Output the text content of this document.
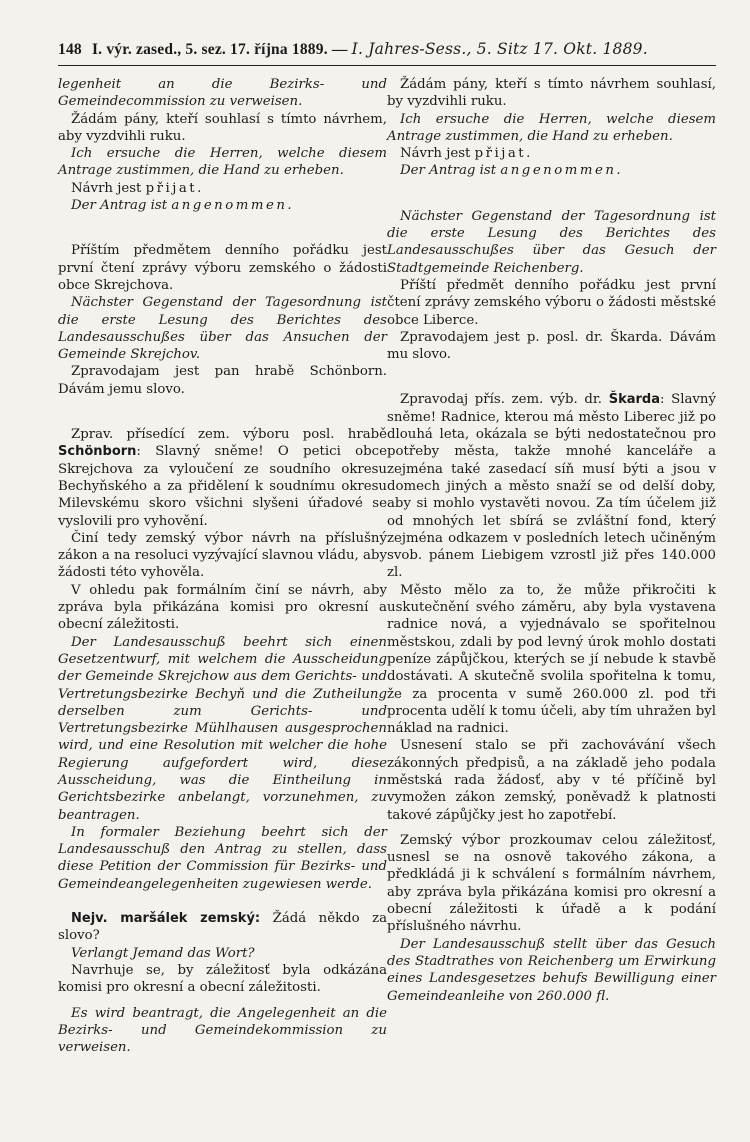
148 I. výr. zased., 5. sez. 17. října 1889. — I. Jahres-Sess., 5. Sitz 17. Okt. 1889.

legenheit an die Bezirks- und Gemeindecommission zu verweisen.

Žádám pány, kteří souhlasí s tímto návrhem, aby vyzdvihli ruku.

Ich ersuche die Herren, welche diesem Antrage zustimmen, die Hand zu erheben.

Návrh jest přijat.

Der Antrag ist angenommen.

Příštím předmětem denního pořádku jest první čtení zprávy výboru zemského o žádosti obce Skrejchova.

Nächster Gegenstand der Tagesordnung ist die erste Lesung des Berichtes des Landesausschußes über das Ansuchen der Gemeinde Skrejchov.

Zpravodajam jest pan hrabě Schönborn. Dávám jemu slovo.

Zprav. přísedící zem. výboru posl. hrabě Schönborn: Slavný sněme! O petici obce Skrejchova za vyloučení ze soudního okresu Bechyňského a za přidělení k soudnímu okresu Milevskému skoro všichni slyšeni úřadové se vyslovili pro vyhovění.

Činí tedy zemský výbor návrh na příslušný zákon a na resoluci vyzývající slavnou vládu, aby žádosti této vyhověla.

V ohledu pak formálním činí se návrh, aby zpráva byla přikázána komisi pro okresní a obecní záležitosti.

Der Landesausschuß beehrt sich einen Gesetzentwurf, mit welchem die Ausscheidung der Gemeinde Skrejchow aus dem Gerichts- und Vertretungsbezirke Bechyň und die Zutheilung derselben zum Gerichts- und Vertretungsbezirke Mühlhausen ausgesprochen wird, und eine Resolution mit welcher die hohe Regierung aufgefordert wird, diese Ausscheidung, was die Eintheilung in Gerichtsbezirke anbelangt, vorzunehmen, zu beantragen.

In formaler Beziehung beehrt sich der Landesausschuß den Antrag zu stellen, dass diese Petition der Commission für Bezirks- und Gemeindeangelegenheiten zugewiesen werde.

Nejv. maršálek zemský: Žádá někdo za slovo?

Verlangt Jemand das Wort?

Navrhuje se, by záležitosť byla odkázána komisi pro okresní a obecní záležitosti.

Es wird beantragt, die Angelegenheit an die Bezirks- und Gemeindekommission zu verweisen.

Žádám pány, kteří s tímto návrhem souhlasí, by vyzdvihli ruku.

Ich ersuche die Herren, welche diesem Antrage zustimmen, die Hand zu erheben.

Návrh jest přijat.

Der Antrag ist angenommen.

Nächster Gegenstand der Tagesordnung ist die erste Lesung des Berichtes des Landesausschußes über das Gesuch der Stadtgemeinde Reichenberg.

Příští předmět denního pořádku jest první čtení zprávy zemského výboru o žádosti městské obce Liberce.

Zpravodajem jest p. posl. dr. Škarda. Dávám mu slovo.

Zpravodaj přís. zem. výb. dr. Škarda: Slavný sněme! Radnice, kterou má město Liberec již po dlouhá leta, okázala se býti nedostatečnou pro potřeby města, takže mnohé kanceláře a zejména také zasedací síň musí býti a jsou v domech jiných a město snaží se od delší doby, aby si mohlo vystavěti novou. Za tím účelem již od mnohých let sbírá se zvláštní fond, který zejména odkazem v posledních letech učiněným svob. pánem Liebigem vzrostl již přes 140.000 zl.

Město mělo za to, že může přikročiti k uskutečnění svého záměru, aby byla vystavena radnice nová, a vyjednávalo se spořitelnou městskou, zdali by pod levný úrok mohlo dostati peníze zápůjčkou, kterých se jí nebude k stavbě dostávati. A skutečně svolila spořitelna k tomu, že za procenta v sumě 260.000 zl. pod tři procenta udělí k tomu účeli, aby tím uhražen byl náklad na radnici.

Usnesení stalo se při zachovávání všech zákonných předpisů, a na základě jeho podala městská rada žádosť, aby v té příčině byl vymožen zákon zemský, poněvadž k platnosti takové zápůjčky jest ho zapotřebí.

Zemský výbor prozkoumav celou záležitosť, usnesl se na osnově takového zákona, a předkládá ji k schválení s formálním návrhem, aby zpráva byla přikázána komisi pro okresní a obecní záležitosti k úřadě a k podání příslušného návrhu.

Der Landesausschuß stellt über das Gesuch des Stadtrathes von Reichenberg um Erwirkung eines Landesgesetzes behufs Bewilligung einer Gemeindeanleihe von 260.000 fl.
